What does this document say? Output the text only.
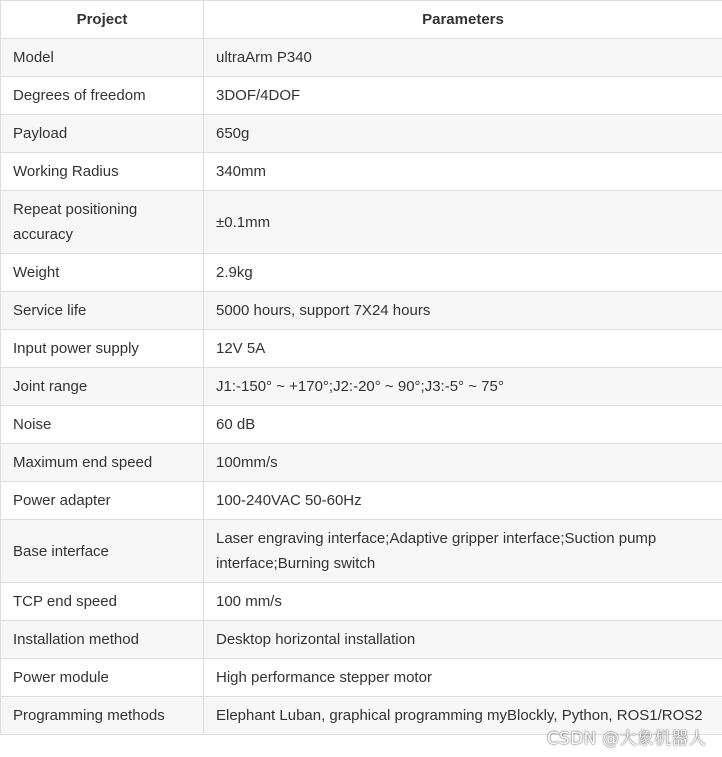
Project	Parameters
Model	ultraArm P340
Degrees of freedom	3DOF/4DOF
Payload	650g
Working Radius	340mm
Repeat positioning accuracy	±0.1mm
Weight	2.9kg
Service life	5000 hours, support 7X24 hours
Input power supply	12V 5A
Joint range	J1:-150° ~ +170°;J2:-20° ~ 90°;J3:-5° ~ 75°
Noise	60 dB
Maximum end speed	100mm/s
Power adapter	100-240VAC 50-60Hz
Base interface	Laser engraving interface;Adaptive gripper interface;Suction pump interface;Burning switch
TCP end speed	100 mm/s
Installation method	Desktop horizontal installation
Power module	High performance stepper motor
Programming methods	Elephant Luban, graphical programming myBlockly, Python, ROS1/ROS2
CSDN @大象机器人
